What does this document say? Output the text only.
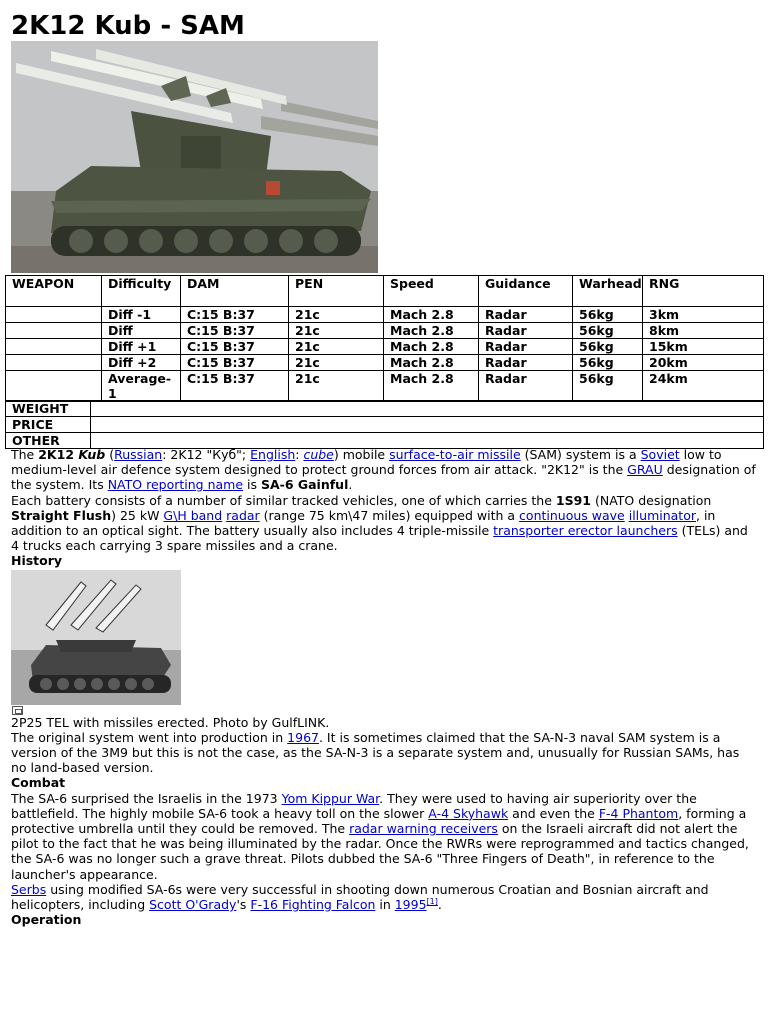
2K12 Kub - SAM
WEAPON	Difficulty	DAM	PEN	Speed	Guidance	Warhead	RNG
	Diff -1	C:15 B:37	21c	Mach 2.8	Radar	56kg	3km
	Diff	C:15 B:37	21c	Mach 2.8	Radar	56kg	8km
	Diff +1	C:15 B:37	21c	Mach 2.8	Radar	56kg	15km
	Diff +2	C:15 B:37	21c	Mach 2.8	Radar	56kg	20km
	Average-1	C:15 B:37	21c	Mach 2.8	Radar	56kg	24km
WEIGHT	
PRICE	
OTHER	

The 2K12 Kub (Russian: 2K12 "Куб"; English: cube) mobile surface-to-air missile (SAM) system is a Soviet low to medium-level air defence system designed to protect ground forces from air attack. "2K12" is the GRAU designation of the system. Its NATO reporting name is SA-6 Gainful.

Each battery consists of a number of similar tracked vehicles, one of which carries the 1S91 (NATO designation Straight Flush) 25 kW G\H band radar (range 75 km\47 miles) equipped with a continuous wave illuminator, in addition to an optical sight. The battery usually also includes 4 triple-missile transporter erector launchers (TELs) and 4 trucks each carrying 3 spare missiles and a crane.

History

2P25 TEL with missiles erected. Photo by GulfLINK.

The original system went into production in 1967. It is sometimes claimed that the SA-N-3 naval SAM system is a version of the 3M9 but this is not the case, as the SA-N-3 is a separate system and, unusually for Russian SAMs, has no land-based version.

Combat

The SA-6 surprised the Israelis in the 1973 Yom Kippur War. They were used to having air superiority over the battlefield. The highly mobile SA-6 took a heavy toll on the slower A-4 Skyhawk and even the F-4 Phantom, forming a protective umbrella until they could be removed. The radar warning receivers on the Israeli aircraft did not alert the pilot to the fact that he was being illuminated by the radar. Once the RWRs were reprogrammed and tactics changed, the SA-6 was no longer such a grave threat. Pilots dubbed the SA-6 "Three Fingers of Death", in reference to the launcher's appearance.

Serbs using modified SA-6s were very successful in shooting down numerous Croatian and Bosnian aircraft and helicopters, including Scott O'Grady's F-16 Fighting Falcon in 1995[1].

Operation
